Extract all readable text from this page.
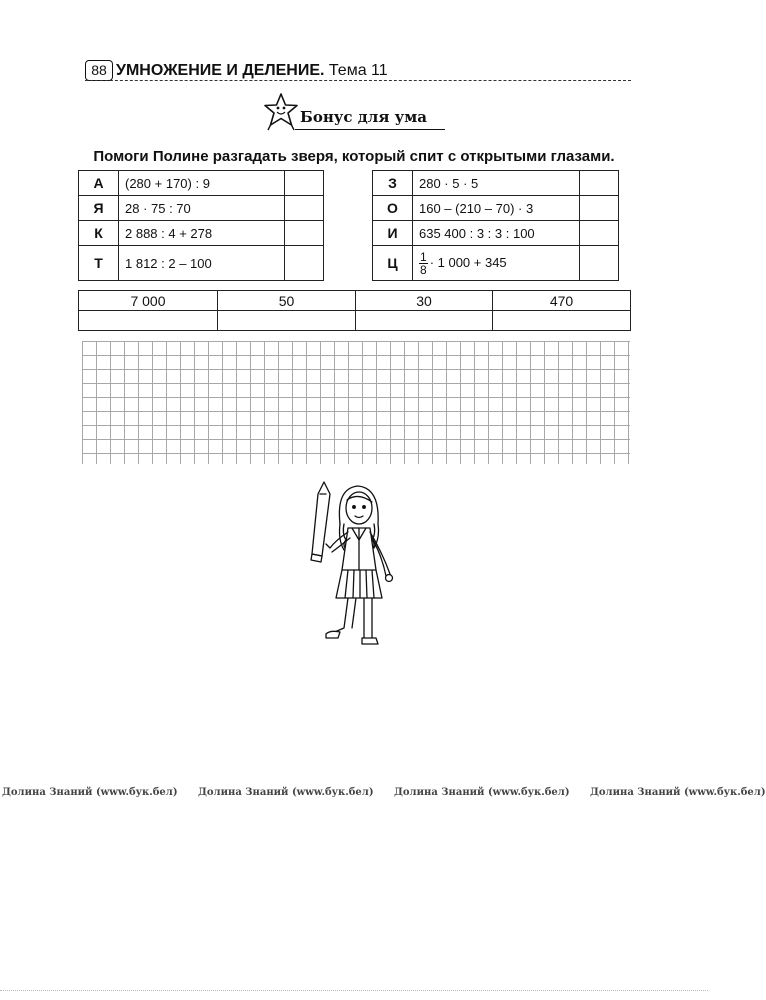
88 УМНОЖЕНИЕ И ДЕЛЕНИЕ. Тема 11
Бонус для ума
Помоги Полине разгадать зверя, который спит с открытыми глазами.
А	(280 + 170) : 9	
Я	28 · 75 : 70	
К	2 888 : 4 + 278	
Т	1 812 : 2 – 100	
З	280 · 5 · 5	
О	160 – (210 – 70) · 3	
И	635 400 : 3 : 3 : 100	
Ц	$\frac{1}{8} \cdot 1$ 000 + 345	
7 000	50	30	470

Долина Знаний (www.бук.бел) Долина Знаний (www.бук.бел) Долина Знаний (www.бук.бел) Долина Знаний (www.бук.бел)
